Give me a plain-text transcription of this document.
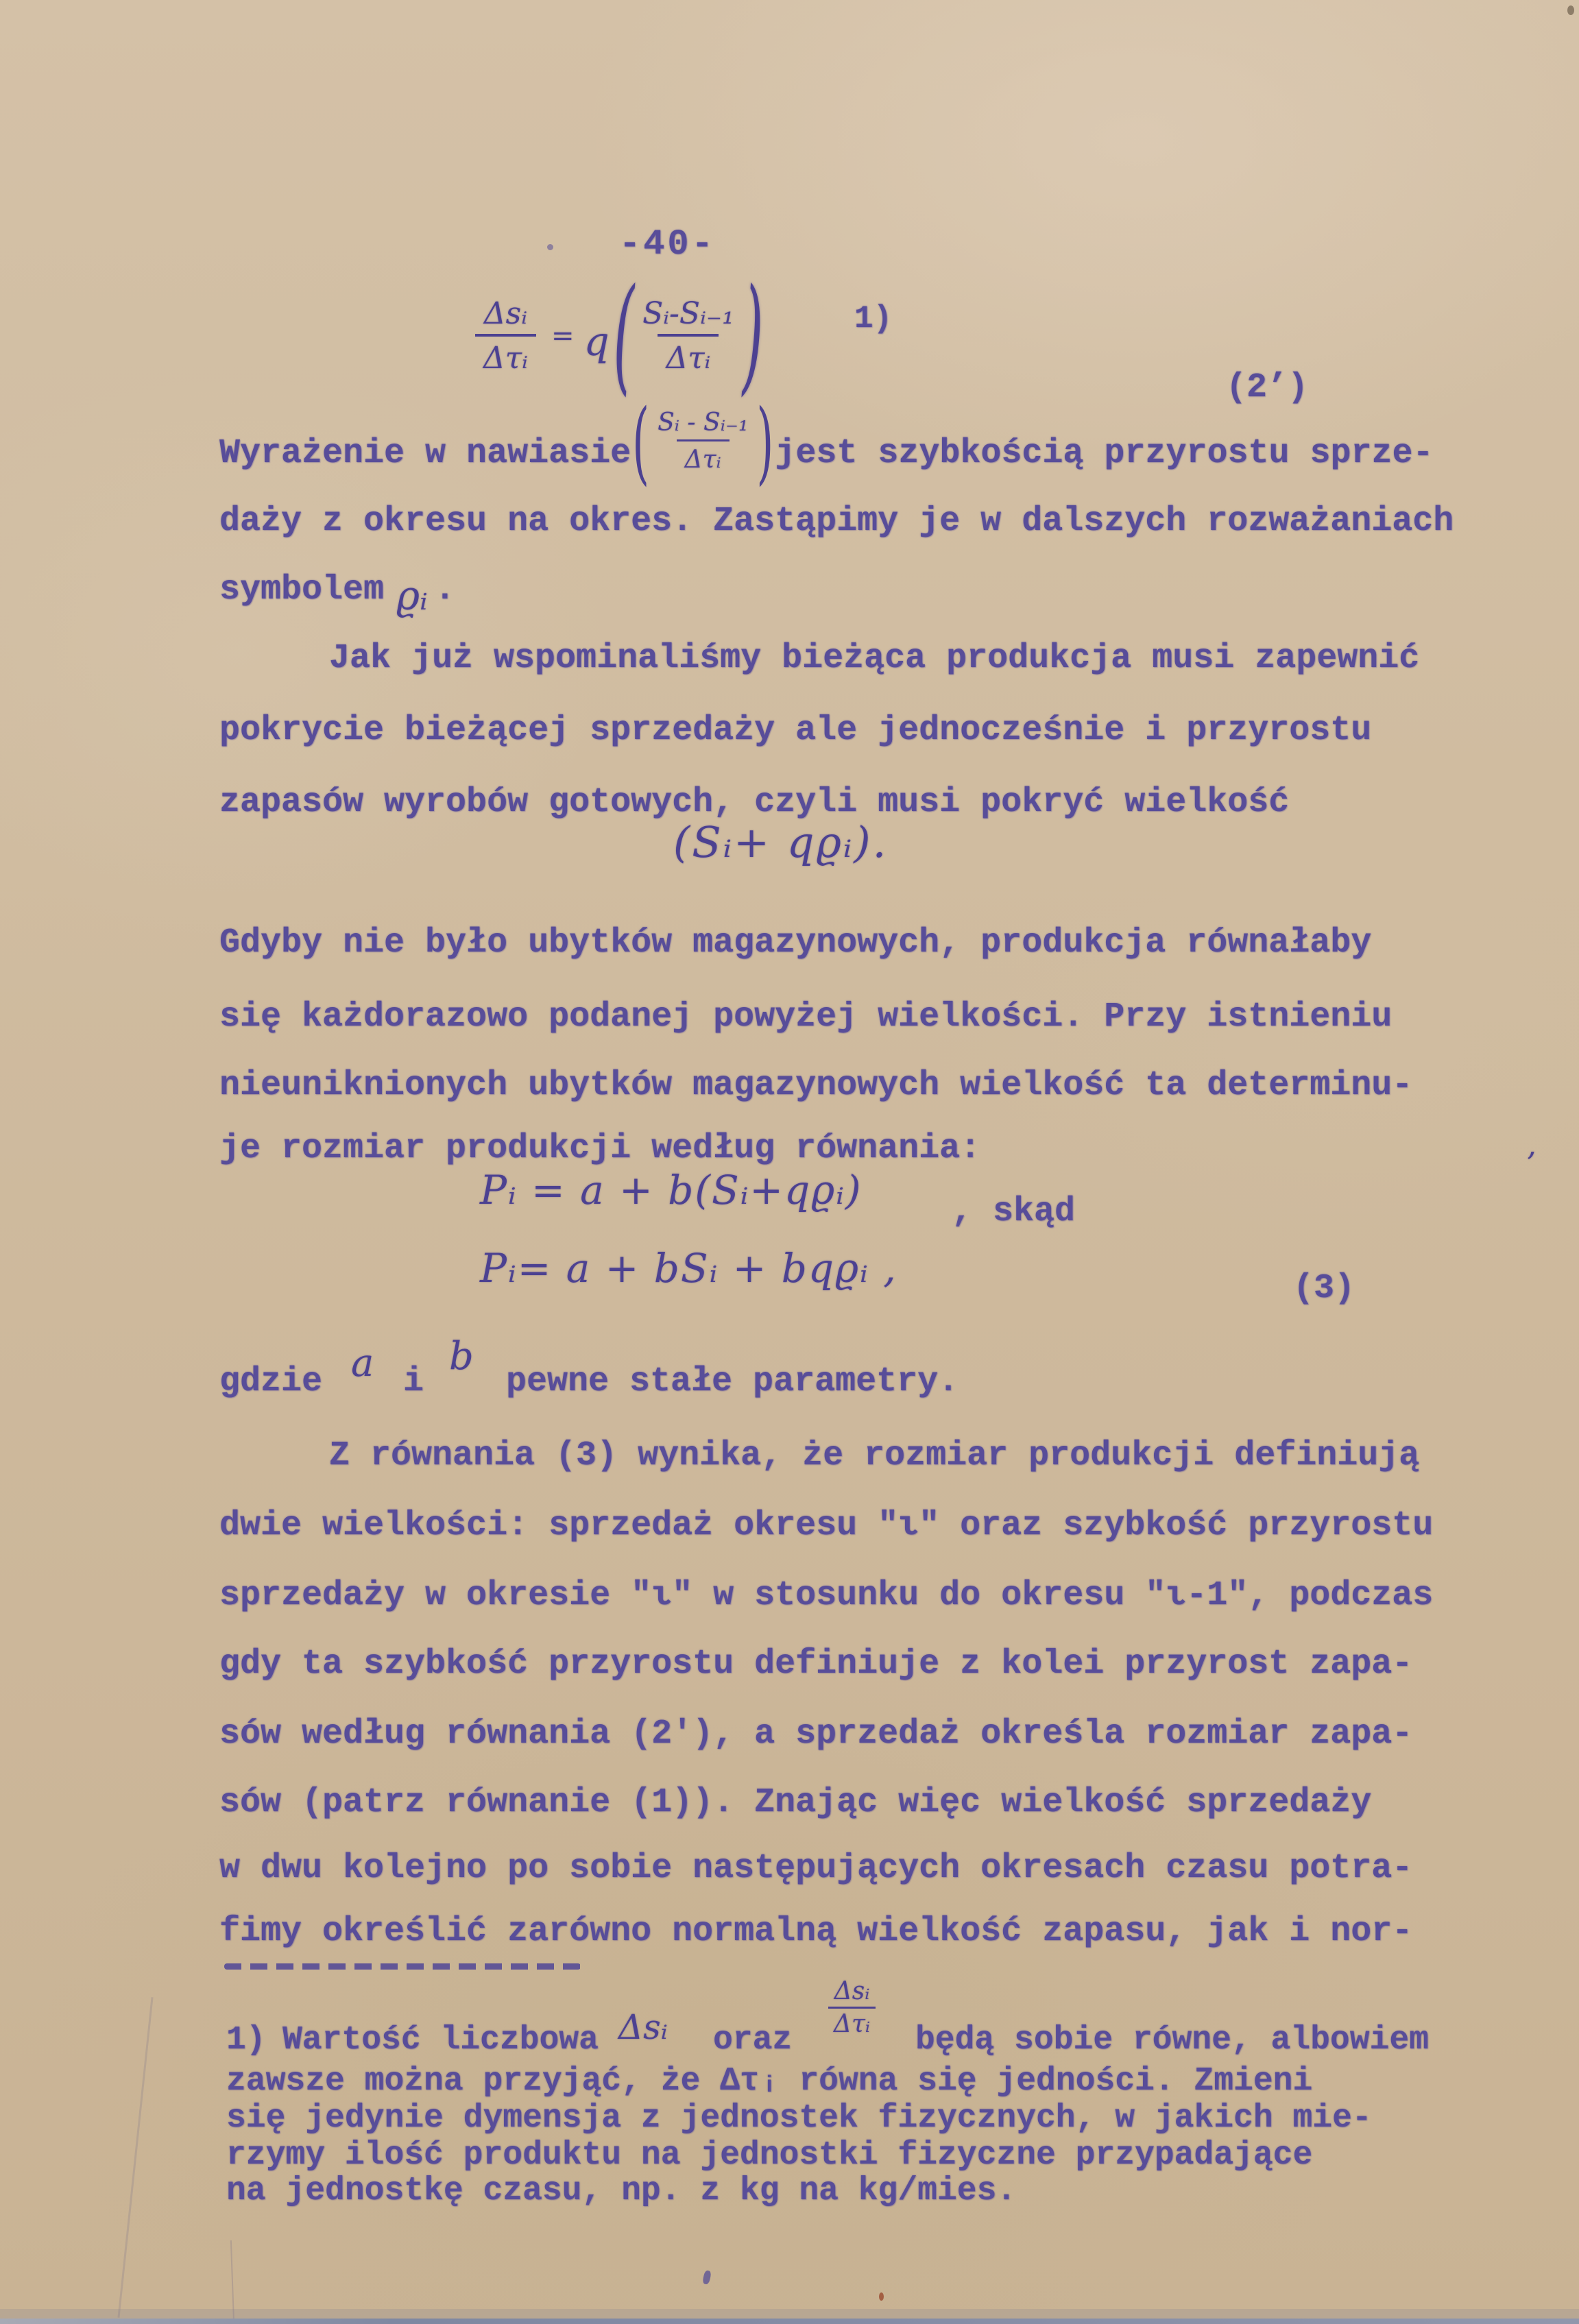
-40-
$\frac{\text{Δsᵢ}}{\text{Δτᵢ}} = q$ ( $\frac{\text{Sᵢ-Sᵢ₋₁}}{\text{Δτᵢ}}$ )	1)
(2’)
Wyrażenie w nawiasie ( $\frac{\text{Sᵢ - Sᵢ₋₁}}{\text{Δτᵢ}}$ ) jest szybkością przyrostu sprze-
symbolem ϱᵢ .
daży z okresu na okres. Zastąpimy je w dalszych rozważaniach
Jak już wspominaliśmy bieżąca produkcja musi zapewnić
pokrycie bieżącej sprzedaży ale jednocześnie i przyrostu
zapasów wyrobów gotowych, czyli musi pokryć wielkość
Gdyby nie było ubytków magazynowych, produkcja równałaby
się każdorazowo podanej powyżej wielkości. Przy istnieniu
nieuniknionych ubytków magazynowych wielkość ta determinu-
je rozmiar produkcji według równania:
Z równania (3) wynika, że rozmiar produkcji definiują
dwie wielkości: sprzedaż okresu "ι" oraz szybkość przyrostu
sprzedaży w okresie "ι" w stosunku do okresu "ι-1", podczas
gdy ta szybkość przyrostu definiuje z kolei przyrost zapa-
sów według równania (2'), a sprzedaż określa rozmiar zapa-
sów (patrz równanie (1)). Znając więc wielkość sprzedaży
w dwu kolejno po sobie następujących okresach czasu potra-
fimy określić zarówno normalną wielkość zapasu, jak i nor-
(Sᵢ+ qϱᵢ).
Pᵢ = a + b(Sᵢ+qϱᵢ)	, skąd
Pᵢ= a + bSᵢ + bqϱᵢ ,	(3)
gdzie a i
b
pewne stałe parametry.
1) Wartość liczbowa Δsᵢ oraz
Δsᵢ
Δτᵢ będą sobie równe, albowiem
zawsze można przyjąć, że Δτᵢ równa się jedności. Zmieni
się jedynie dymensja z jednostek fizycznych, w jakich mie-
rzymy ilość produktu na jednostki fizyczne przypadające
na jednostkę czasu, np. z kg na kg/mies.
’
